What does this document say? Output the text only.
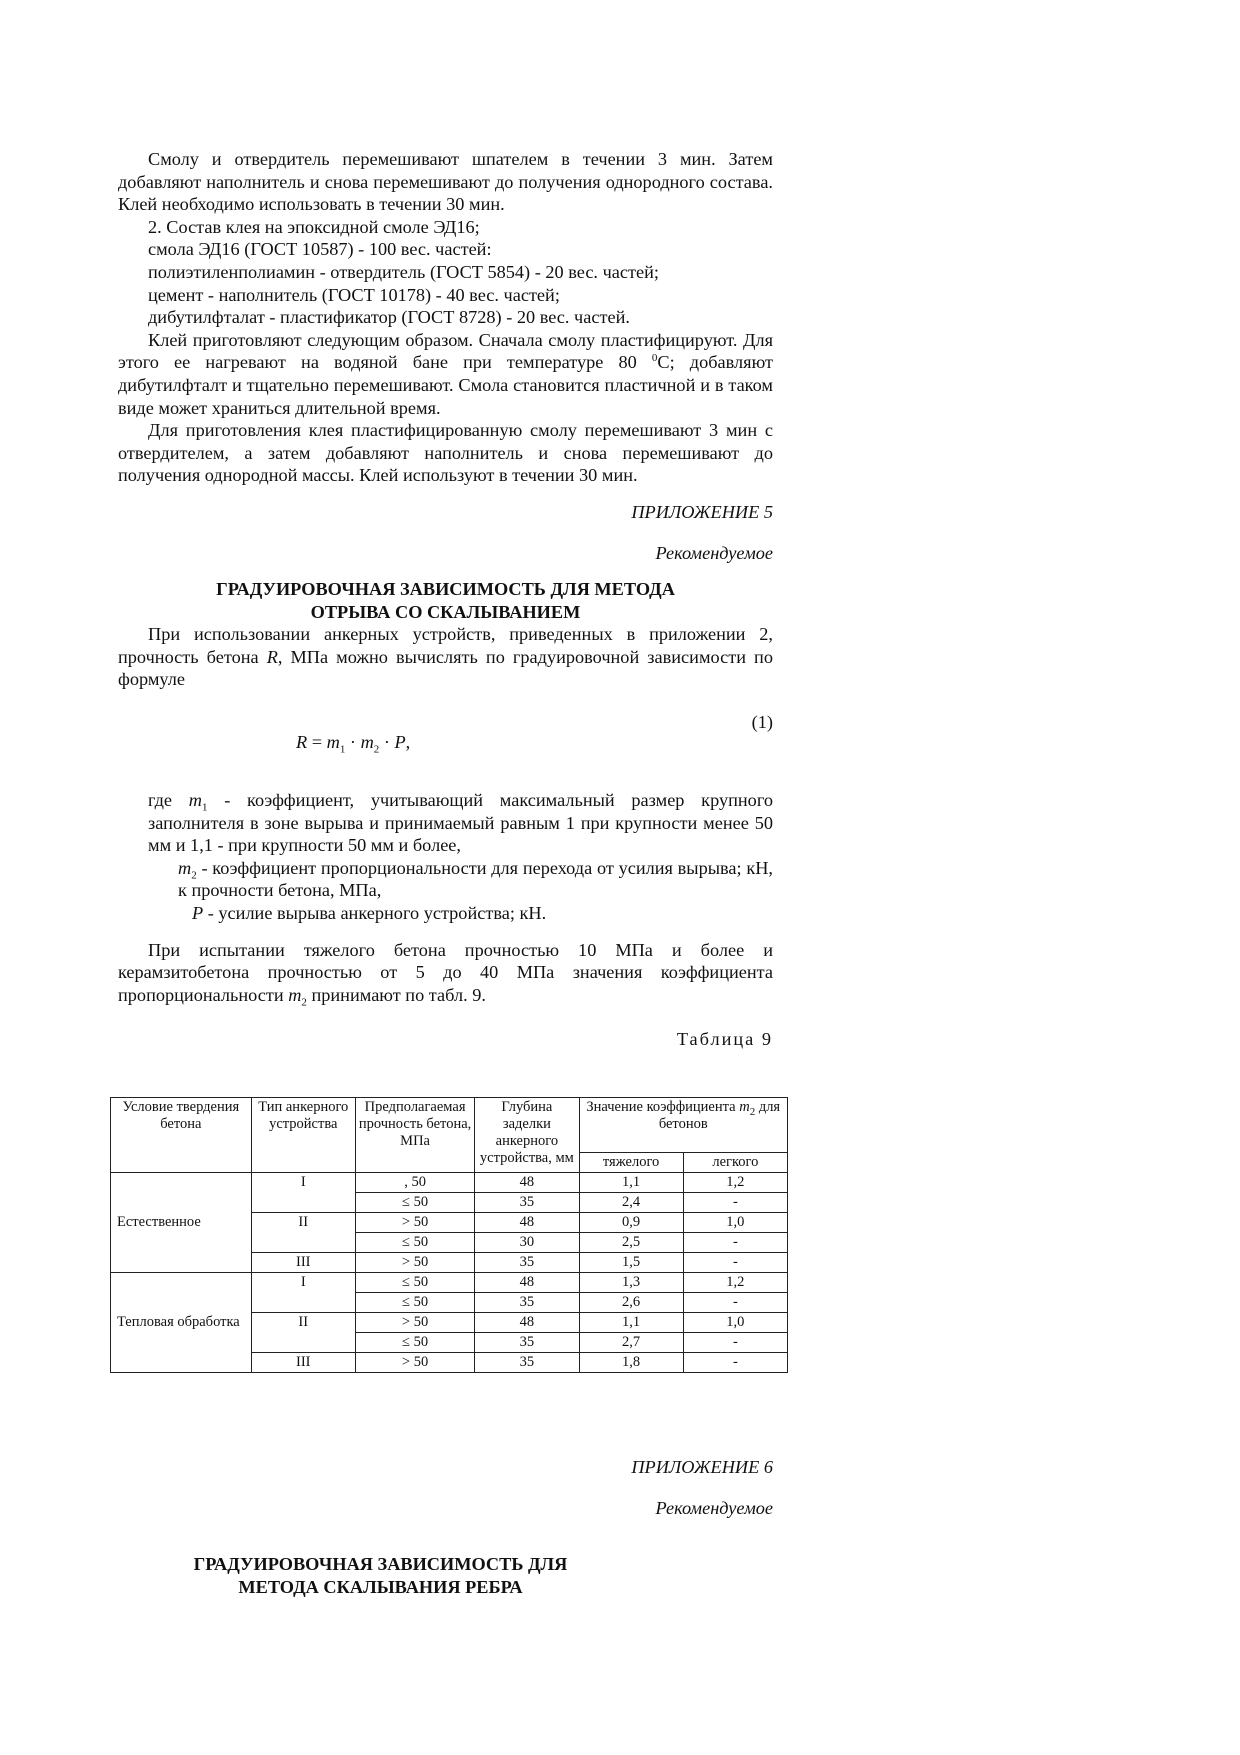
Смолу и отвердитель перемешивают шпателем в течении 3 мин. Затем добавляют наполнитель и снова перемешивают до получения однородного состава. Клей необходимо использовать в течении 30 мин.

2. Состав клея на эпоксидной смоле ЭД16;

смола ЭД16 (ГОСТ 10587) - 100 вес. частей:

полиэтиленполиамин - отвердитель (ГОСТ 5854) - 20 вес. частей;

цемент - наполнитель (ГОСТ 10178) - 40 вес. частей;

дибутилфталат - пластификатор (ГОСТ 8728) - 20 вес. частей.

Клей приготовляют следующим образом. Сначала смолу пластифицируют. Для этого ее нагревают на водяной бане при температуре 80 $^0$С; добавляют дибутилфталт и тщательно перемешивают. Смола становится пластичной и в таком виде может храниться длительной время.

Для приготовления клея пластифицированную смолу перемешивают 3 мин с отвердителем, а затем добавляют наполнитель и снова перемешивают до получения однородной массы. Клей используют в течении 30 мин.

ПРИЛОЖЕНИЕ 5

Рекомендуемое

ГРАДУИРОВОЧНАЯ ЗАВИСИМОСТЬ ДЛЯ МЕТОДА

ОТРЫВА СО СКАЛЫВАНИЕМ

При использовании анкерных устройств, приведенных в приложении 2, прочность бетона R, МПа можно вычислять по градуировочной зависимости по формуле

$R = m_1 \cdot m_2 \cdot P$,
(1)

где $m_1$ - коэффициент, учитывающий максимальный размер крупного заполнителя в зоне вырыва и принимаемый равным 1 при крупности менее 50 мм и 1,1 - при крупности 50 мм и более,

$m_2$ - коэффициент пропорциональности для перехода от усилия вырыва; кН, к прочности бетона, МПа,

P - усилие вырыва анкерного устройства; кН.

При испытании тяжелого бетона прочностью 10 МПа и более и керамзитобетона прочностью от 5 до 40 МПа значения коэффициента пропорциональности $m_2$ принимают по табл. 9.

Таблица 9

Условие твердения бетона	Тип анкерного устройства	Предполагаемая прочность бетона, МПа	Глубина заделки анкерного устройства, мм	Значение коэффициента $m_2$ для бетонов	
				тяжелого	легкого
Естественное	I	, 50	48	1,1	1,2
		≤ 50	35	2,4	-
	II	> 50	48	0,9	1,0
		≤ 50	30	2,5	-
	III	> 50	35	1,5	-
Тепловая обработка	I	≤ 50	48	1,3	1,2
		≤ 50	35	2,6	-
	II	> 50	48	1,1	1,0
		≤ 50	35	2,7	-
	III	> 50	35	1,8	-

ПРИЛОЖЕНИЕ 6

Рекомендуемое

ГРАДУИРОВОЧНАЯ ЗАВИСИМОСТЬ ДЛЯ

МЕТОДА СКАЛЫВАНИЯ РЕБРА
